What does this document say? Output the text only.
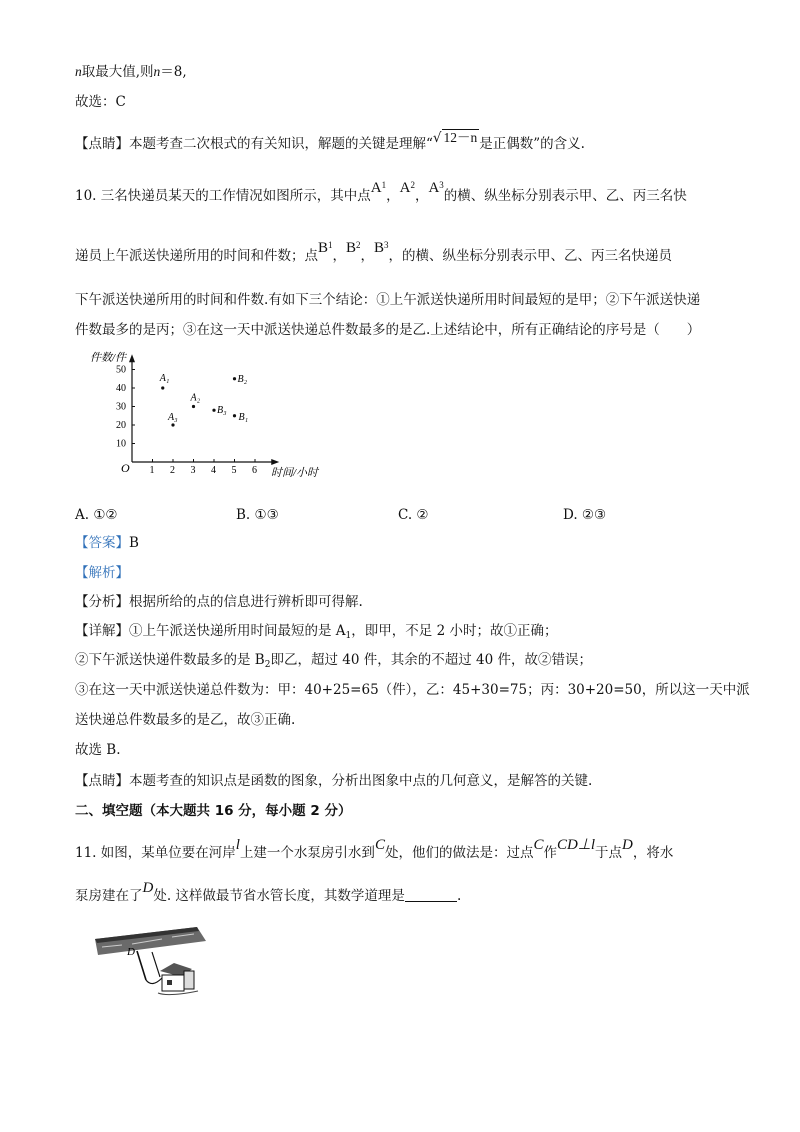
n取最大值,则n＝8,
故选：C
【点睛】本题考查二次根式的有关知识，解题的关键是理解“√ 12－n 是正偶数”的含义.
10. 三名快递员某天的工作情况如图所示，其中点$A^1$，$A^2$，$A^3$的横、纵坐标分别表示甲、乙、丙三名快
递员上午派送快递所用的时间和件数；点$B^1$，$B^2$，$B^3$，的横、纵坐标分别表示甲、乙、丙三名快递员
下午派送快递所用的时间和件数.有如下三个结论：①上午派送快递所用时间最短的是甲；②下午派送快递
件数最多的是丙；③在这一天中派送快递总件数最多的是乙.上述结论中，所有正确结论的序号是（　　）
件数/件
时间/小时
O 1 2 3 4 5 6
10
20
30
40
50
A₁
A₂
A₃	B₁
B₂
B₃
A. ①②	B. ①③	C. ②	D. ②③
【答案】B
【解析】
【分析】根据所给的点的信息进行辨析即可得解.
【详解】①上午派送快递所用时间最短的是 $A_1$，即甲，不足 2 小时；故①正确；
②下午派送快递件数最多的是 $B_2$即乙，超过 40 件，其余的不超过 40 件，故②错误；
③在这一天中派送快递总件数为：甲：40+25=65（件），乙：45+30=75；丙：30+20=50，所以这一天中派
送快递总件数最多的是乙，故③正确.
故选 B.
【点睛】本题考查的知识点是函数的图象，分析出图象中点的几何意义，是解答的关键.
二、填空题（本大题共 16 分，每小题 2 分）
11. 如图，某单位要在河岸l上建一个水泵房引水到C处，他们的做法是：过点C作CD⊥l于点D，将水
泵房建在了D处. 这样做最节省水管长度，其数学道理是	.
D
